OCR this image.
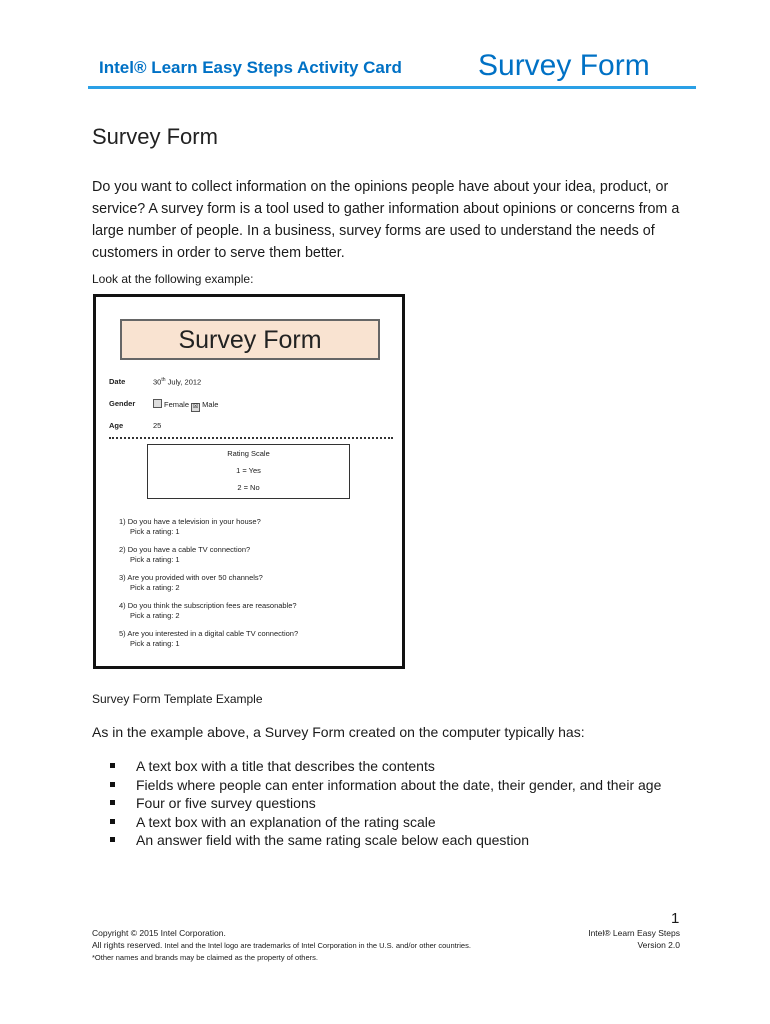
Intel® Learn Easy Steps Activity Card	Survey Form
Survey Form
Do you want to collect information on the opinions people have about your idea, product, or service? A survey form is a tool used to gather information about opinions or concerns from a large number of people. In a business, survey forms are used to understand the needs of customers in order to serve them better.
Look at the following example:
Survey Form
Date	30th July, 2012
Gender	Female ☒ Male
Age	25
Rating Scale
1 = Yes
2 = No
1) Do you have a television in your house?
Pick a rating: 1
2) Do you have a cable TV connection?
Pick a rating: 1
3) Are you provided with over 50 channels?
Pick a rating: 2
4) Do you think the subscription fees are reasonable?
Pick a rating: 2
5) Are you interested in a digital cable TV connection?
Pick a rating: 1
Survey Form Template Example
As in the example above, a Survey Form created on the computer typically has:
A text box with a title that describes the contents
Fields where people can enter information about the date, their gender, and their age
Four or five survey questions
A text box with an explanation of the rating scale
An answer field with the same rating scale below each question
1
Copyright © 2015 Intel Corporation.
All rights reserved. Intel and the Intel logo are trademarks of Intel Corporation in the U.S. and/or other countries.
*Other names and brands may be claimed as the property of others.
Intel® Learn Easy Steps
Version 2.0
